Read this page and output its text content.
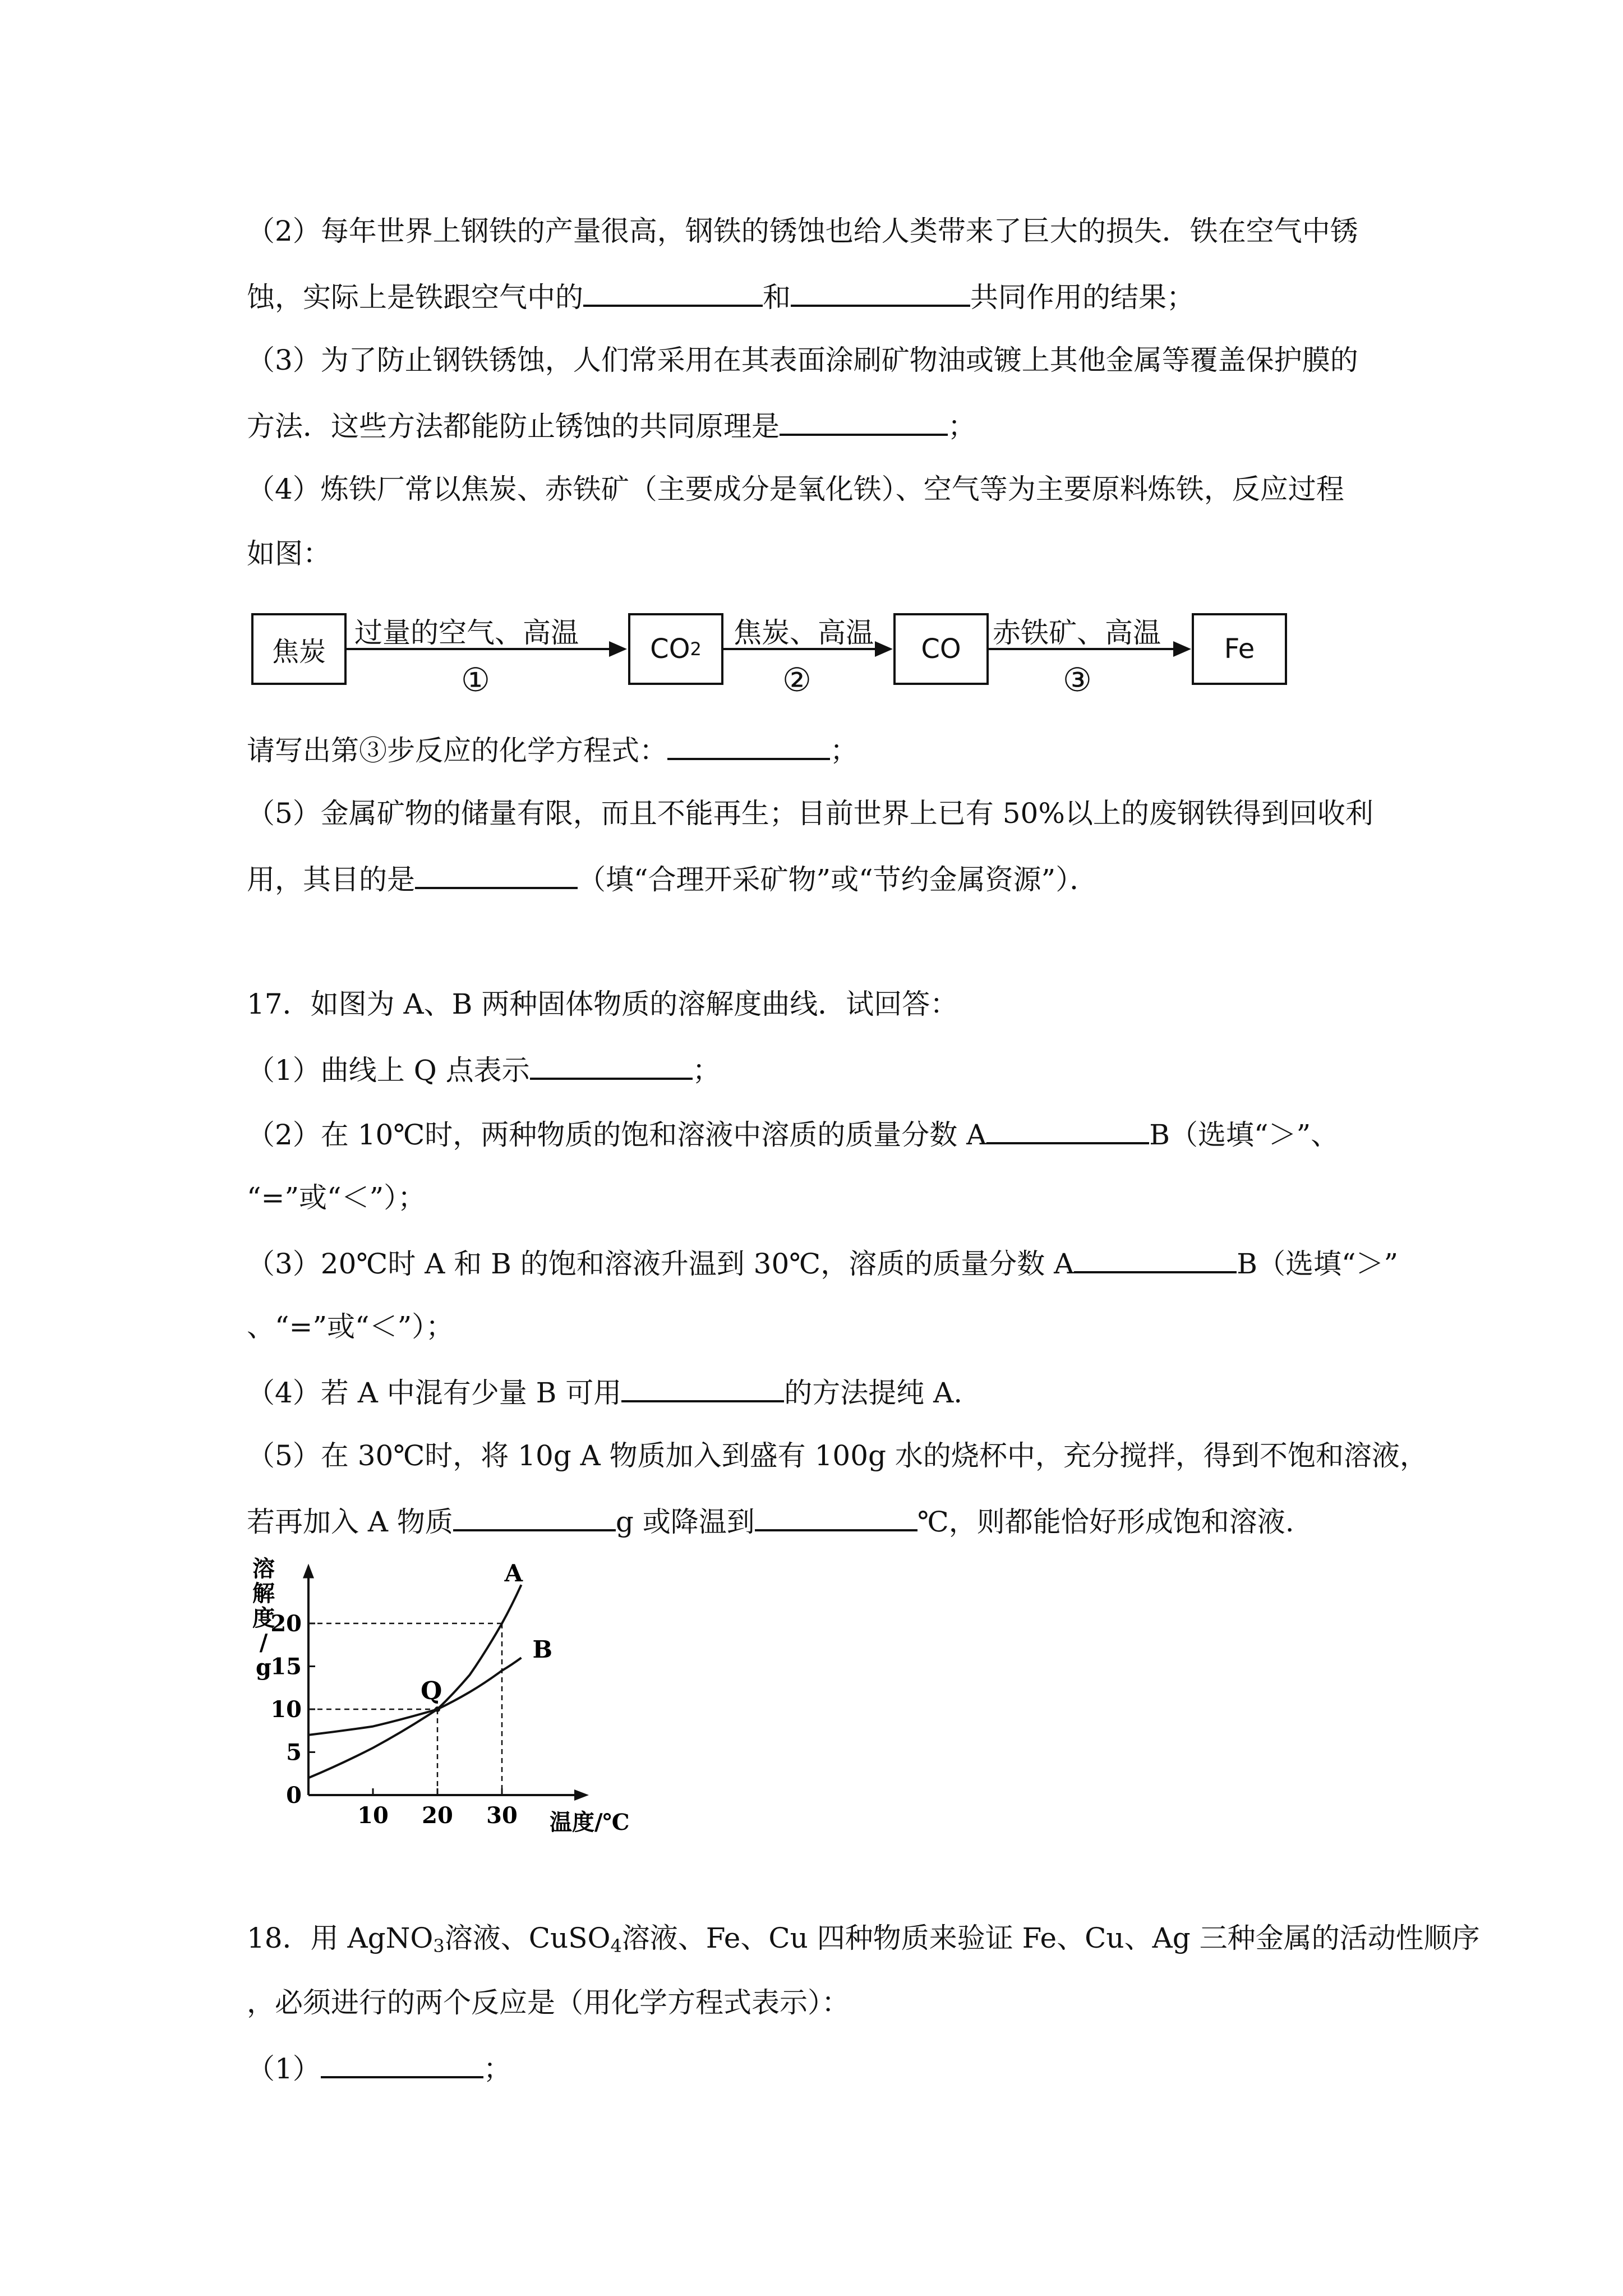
（2）每年世界上钢铁的产量很高，钢铁的锈蚀也给人类带来了巨大的损失．铁在空气中锈
蚀，实际上是铁跟空气中的	和	共同作用的结果；
（3）为了防止钢铁锈蚀，人们常采用在其表面涂刷矿物油或镀上其他金属等覆盖保护膜的
方法．这些方法都能防止锈蚀的共同原理是	；
（4）炼铁厂常以焦炭、赤铁矿（主要成分是氧化铁）、空气等为主要原料炼铁，反应过程
如图：
焦炭	CO 2	CO	Fe
过量的空气、高温
①
焦炭、高温
②
赤铁矿、高温
③
请写出第③步反应的化学方程式：	；
（5）金属矿物的储量有限，而且不能再生；目前世界上已有 50%以上的废钢铁得到回收利
用，其目的是	（填“合理开采矿物”或“节约金属资源”）．
17．如图为 A、B 两种固体物质的溶解度曲线．试回答：
（1）曲线上 Q 点表示	；
（2）在 10℃时，两种物质的饱和溶液中溶质的质量分数 A	B（选填“＞”、
“=”或“＜”）；
（3）20℃时 A 和 B 的饱和溶液升温到 30℃，溶质的质量分数 A	B（选填“＞”
、“=”或“＜”）；
（4）若 A 中混有少量 B 可用	的方法提纯 A.
（5）在 30℃时，将 10g A 物质加入到盛有 100g 水的烧杯中，充分搅拌，得到不饱和溶液，
若再加入 A 物质	g 或降温到	℃，则都能恰好形成饱和溶液.
0
5
10
15
20
10 20 30 温度/℃
溶
解
度
/
g
A
B
Q
18．用 AgNO$_3$溶液、CuSO$_4$溶液、Fe、Cu 四种物质来验证 Fe、Cu、Ag 三种金属的活动性顺序
，必须进行的两个反应是（用化学方程式表示）：
（1）	；
